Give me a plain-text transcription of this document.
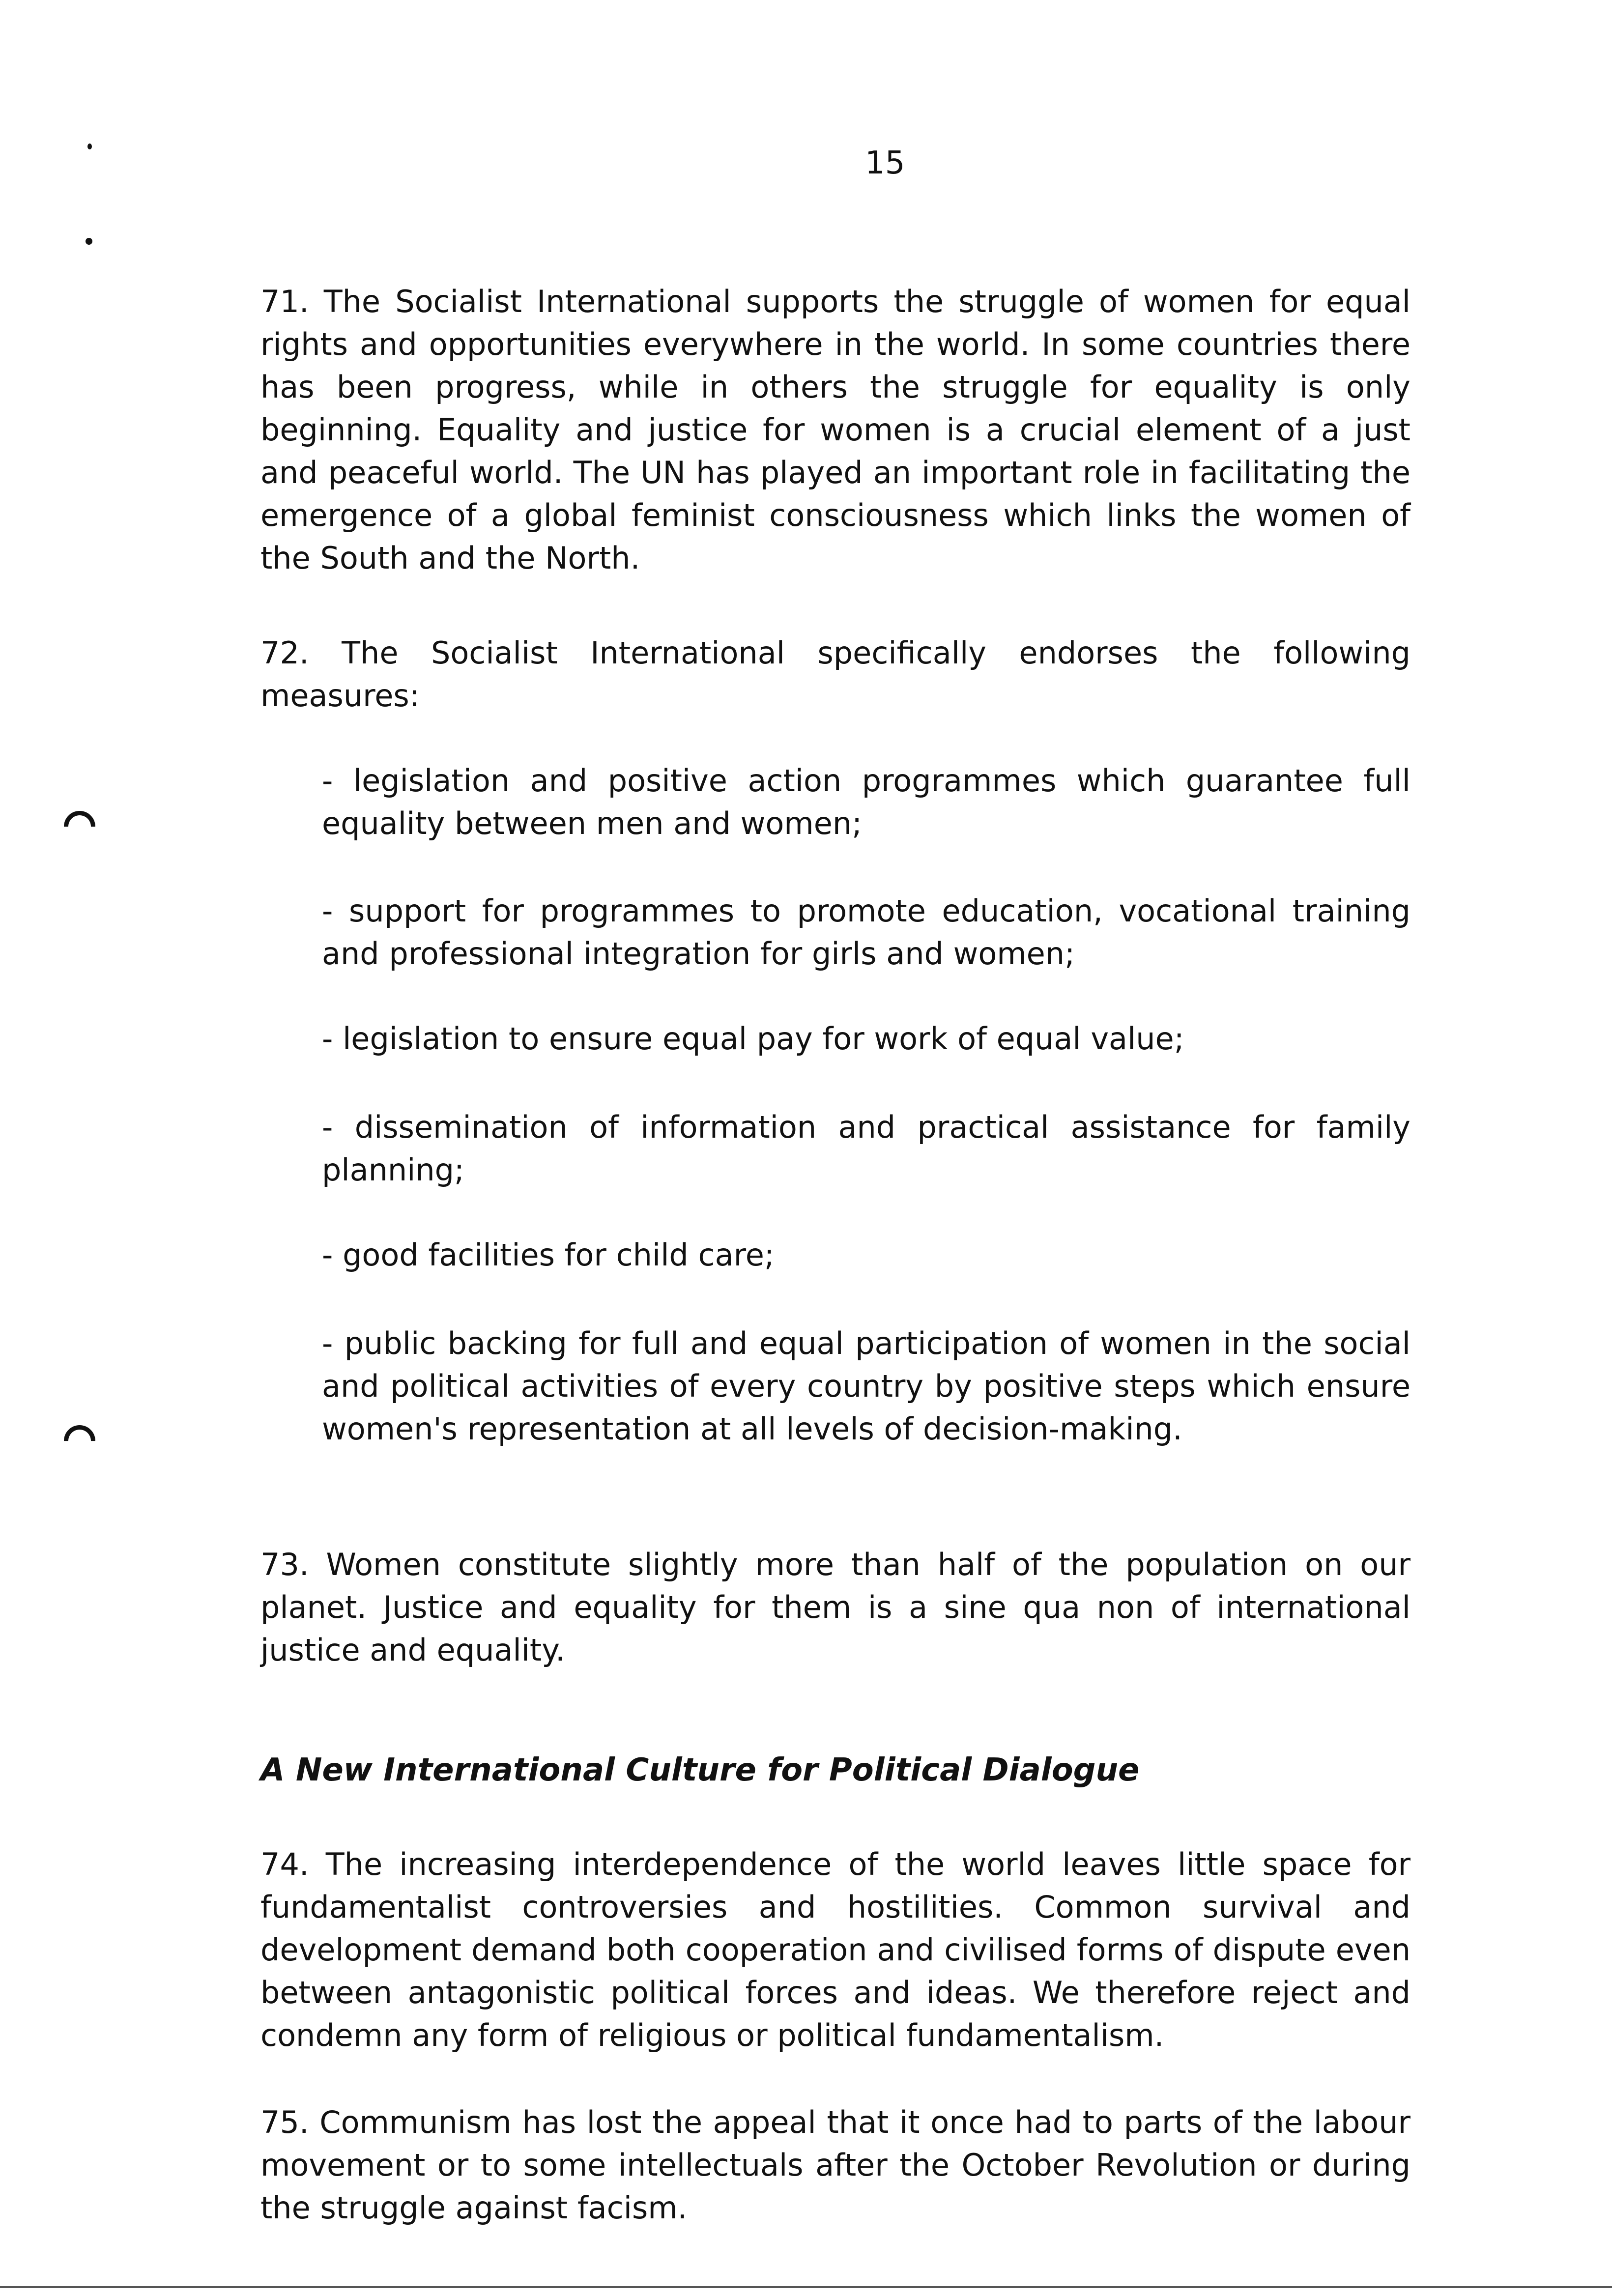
15

71. The Socialist International supports the struggle of women for equal rights and opportunities everywhere in the world. In some countries there has been progress, while in others the struggle for equality is only beginning. Equality and justice for women is a crucial element of a just and peaceful world. The UN has played an important role in facilitating the emergence of a global feminist consciousness which links the women of the South and the North.

72. The Socialist International specifically endorses the following measures:

- legislation and positive action programmes which guarantee full equality between men and women;

- support for programmes to promote education, vocational training and professional integration for girls and women;

- legislation to ensure equal pay for work of equal value;

- dissemination of information and practical assistance for family planning;

- good facilities for child care;

- public backing for full and equal participation of women in the social and political activities of every country by positive steps which ensure women's representation at all levels of decision-making.

73. Women constitute slightly more than half of the population on our planet. Justice and equality for them is a sine qua non of international justice and equality.

A New International Culture for Political Dialogue

74. The increasing interdependence of the world leaves little space for fundamentalist controversies and hostilities. Common survival and development demand both cooperation and civilised forms of dispute even between antagonistic political forces and ideas. We therefore reject and condemn any form of religious or political fundamentalism.

75. Communism has lost the appeal that it once had to parts of the labour movement or to some intellectuals after the October Revolution or during the struggle against facism.
